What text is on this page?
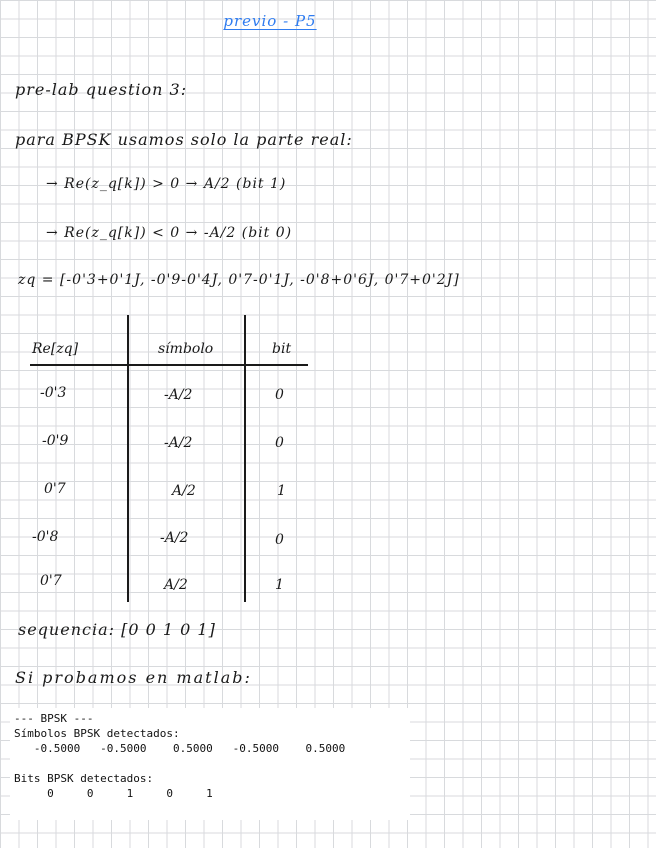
previo - P5
pre-lab question 3:
para BPSK usamos solo la parte real:
→ Re(z_q[k]) > 0 → A/2 (bit 1)
→ Re(z_q[k]) < 0 → -A/2 (bit 0)
zq = [-0'3+0'1J, -0'9-0'4J, 0'7-0'1J, -0'8+0'6J, 0'7+0'2J]
Re[zq]	símbolo	bit
-0'3	-A/2	0
-0'9	-A/2	0
0'7	A/2	1
-0'8	-A/2	0
0'7	A/2	1
sequencia: [0 0 1 0 1]
Si probamos en matlab:
--- BPSK ---
Símbolos BPSK detectados:
-0.5000 -0.5000 0.5000 -0.5000 0.5000

Bits BPSK detectados:
0	0	1	0	1
